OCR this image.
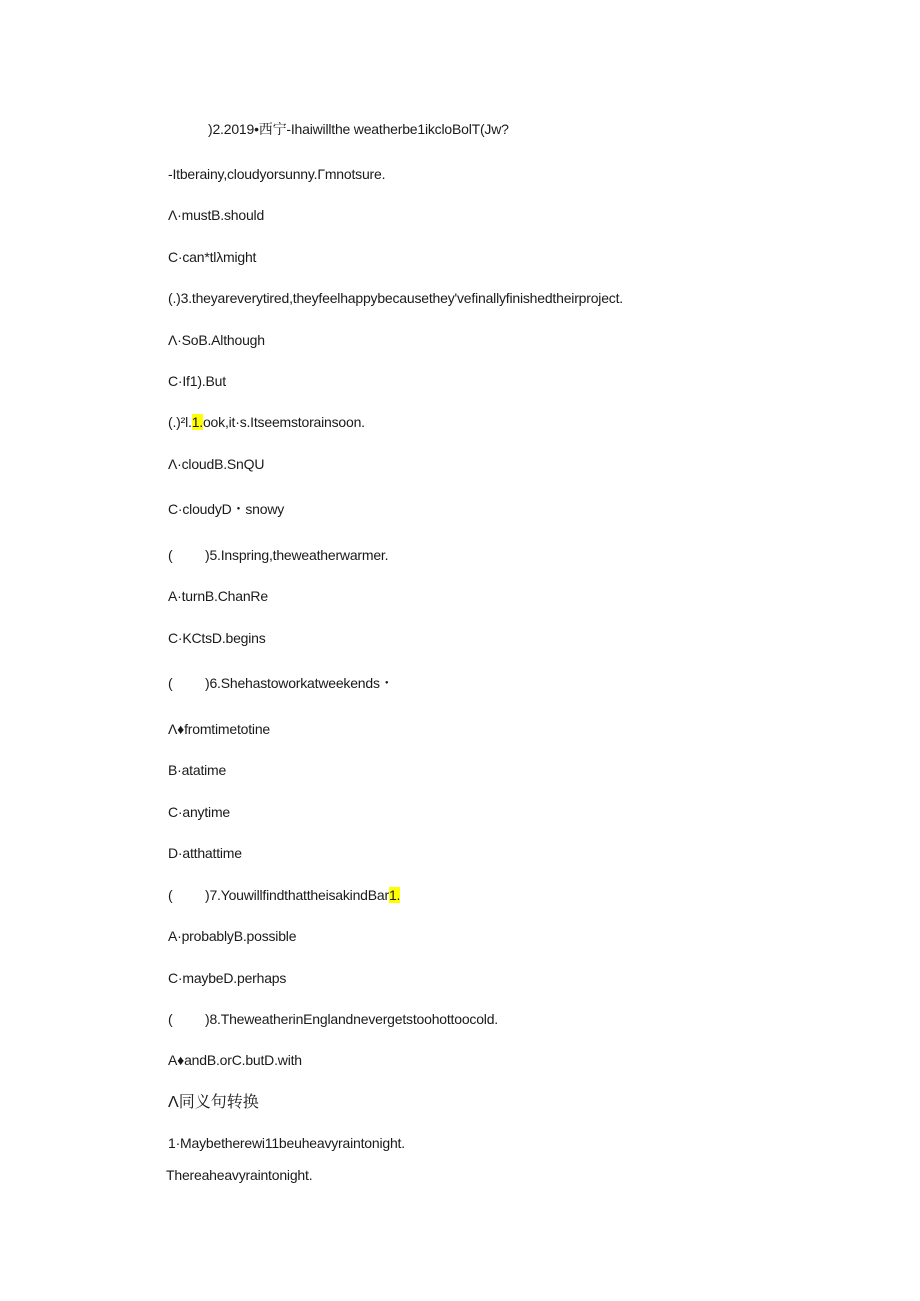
)2.2019•西宁-Ihaiwillthe weatherbe1ikcloBolT(Jw?
-Itberainy,cloudyorsunny.Γmnotsure.
Λ·mustB.should
C·can*tlλmight
(.)3.theyareverytired,theyfeelhappybecausethey'vefinallyfinishedtheirproject.
Λ·SoB.Although
C·If1).But
(.)²l.1.ook,it·s.Itseemstorainsoon.
Λ·cloudB.SnQU
C·cloudyD・snowy
( )5.Inspring,theweatherwarmer.
A·turnB.ChanRe
C·KCtsD.begins
( )6.Shehastoworkatweekends・
Λ♦fromtimetotine
B·atatime
C·anytime
D·atthattime
( )7.YouwillfindthattheisakindBar1.
A·probablyB.possible
C·maybeD.perhaps
( )8.TheweatherinEnglandnevergetstoohottoocold.
A♦andB.orC.butD.with
Λ同义句转换
1·Maybetherewi11beuheavyraintonight.
Thereaheavyraintonight.
